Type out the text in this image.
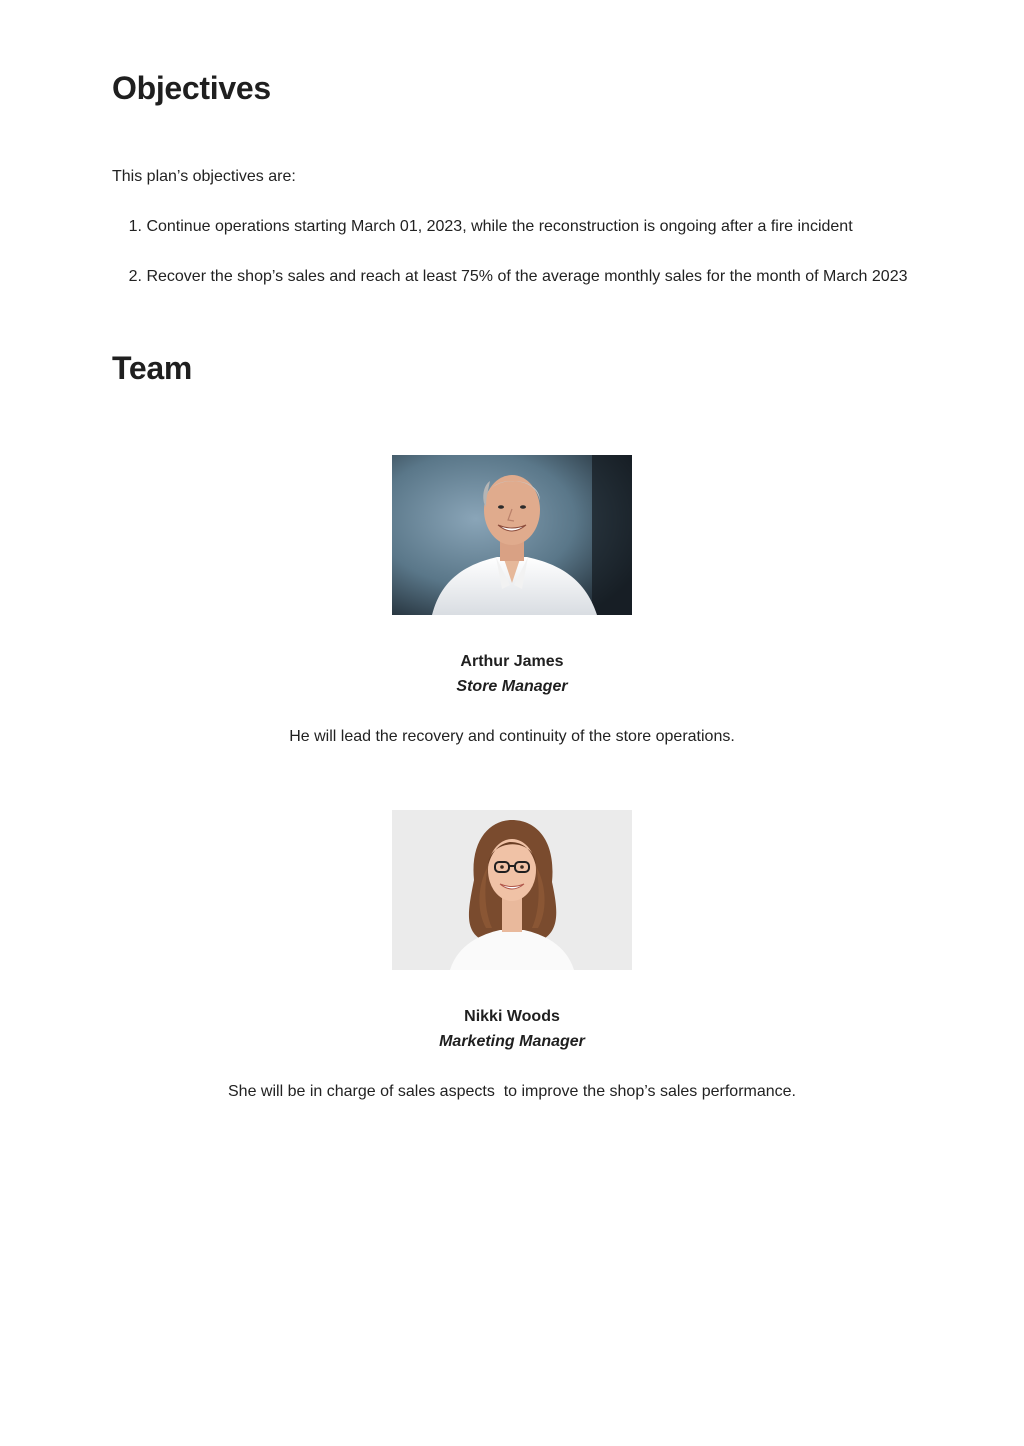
Objectives

This plan’s objectives are:

1. Continue operations starting March 01, 2023, while the reconstruction is ongoing after a fire incident
2. Recover the shop’s sales and reach at least 75% of the average monthly sales for the month of March 2023
Team

Arthur James

Store Manager

He will lead the recovery and continuity of the store operations.

Nikki Woods

Marketing Manager

She will be in charge of sales aspects  to improve the shop’s sales performance.
